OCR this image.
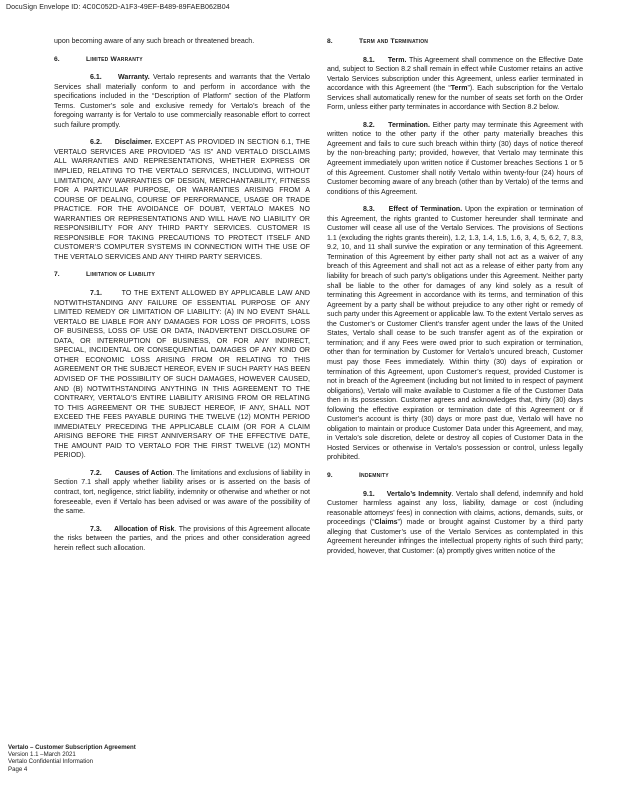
DocuSign Envelope ID: 4C0C052D-A1F3-49EF-B489-89FAEB062B04

upon becoming aware of any such breach or threatened breach.

6.	Limited Warranty

6.1. Warranty. Vertalo represents and warrants that the Vertalo Services shall materially conform to and perform in accordance with the specifications included in the “Description of Platform” section of the Platform Terms. Customer’s sole and exclusive remedy for Vertalo’s breach of the foregoing warranty is for Vertalo to use commercially reasonable effort to correct such failure promptly.

6.2. Disclaimer. EXCEPT AS PROVIDED IN SECTION 6.1, THE VERTALO SERVICES ARE PROVIDED “AS IS” AND VERTALO DISCLAIMS ALL WARRANTIES AND REPRESENTATIONS, WHETHER EXPRESS OR IMPLIED, RELATING TO THE VERTALO SERVICES, INCLUDING, WITHOUT LIMITATION, ANY WARRANTIES OF DESIGN, MERCHANTABILITY, FITNESS FOR A PARTICULAR PURPOSE, OR WARRANTIES ARISING FROM A COURSE OF DEALING, COURSE OF PERFORMANCE, USAGE OR TRADE PRACTICE. FOR THE AVOIDANCE OF DOUBT, VERTALO MAKES NO WARRANTIES OR REPRESENTATIONS AND WILL HAVE NO LIABILITY OR RESPONSIBILITY FOR ANY THIRD PARTY SERVICES. CUSTOMER IS RESPONSIBLE FOR TAKING PRECAUTIONS TO PROTECT ITSELF AND CUSTOMER’S COMPUTER SYSTEMS IN CONNECTION WITH THE USE OF THE VERTALO SERVICES AND ANY THIRD PARTY SERVICES.

7.	Limitation of Liability

7.1.	TO THE EXTENT ALLOWED BY APPLICABLE LAW AND NOTWITHSTANDING ANY FAILURE OF ESSENTIAL PURPOSE OF ANY LIMITED REMEDY OR LIMITATION OF LIABILITY: (A) IN NO EVENT SHALL VERTALO BE LIABLE FOR ANY DAMAGES FOR LOSS OF PROFITS, LOSS OF BUSINESS, LOSS OF USE OR DATA, INADVERTENT DISCLOSURE OF DATA, OR INTERRUPTION OF BUSINESS, OR FOR ANY INDIRECT, SPECIAL, INCIDENTAL OR CONSEQUENTIAL DAMAGES OF ANY KIND OR OTHER ECONOMIC LOSS ARISING FROM OR RELATING TO THIS AGREEMENT OR THE SUBJECT HEREOF, EVEN IF SUCH PARTY HAS BEEN ADVISED OF THE POSSIBILITY OF SUCH DAMAGES, HOWEVER CAUSED, AND (B) NOTWITHSTANDING ANYTHING IN THIS AGREEMENT TO THE CONTRARY, VERTALO’S ENTIRE LIABILITY ARISING FROM OR RELATING TO THIS AGREEMENT OR THE SUBJECT HEREOF, IF ANY, SHALL NOT EXCEED THE FEES PAYABLE DURING THE TWELVE (12) MONTH PERIOD IMMEDIATELY PRECEDING THE APPLICABLE CLAIM (OR FOR A CLAIM ARISING BEFORE THE FIRST ANNIVERSARY OF THE EFFECTIVE DATE, THE AMOUNT PAID TO VERTALO FOR THE FIRST TWELVE (12) MONTH PERIOD).

7.2. Causes of Action. The limitations and exclusions of liability in Section 7.1 shall apply whether liability arises or is asserted on the basis of contract, tort, negligence, strict liability, indemnity or otherwise and whether or not foreseeable, even if Vertalo has been advised or was aware of the possibility of the same.

7.3. Allocation of Risk. The provisions of this Agreement allocate the risks between the parties, and the prices and other consideration agreed herein reflect such allocation.

8.	Term and Termination

8.1. Term. This Agreement shall commence on the Effective Date and, subject to Section 8.2 shall remain in effect while Customer retains an active Vertalo Services subscription under this Agreement, unless earlier terminated in accordance with this Agreement (the “Term”). Each subscription for the Vertalo Services shall automatically renew for the number of seats set forth on the Order Form, unless either party terminates in accordance with Section 8.2 below.

8.2. Termination. Either party may terminate this Agreement with written notice to the other party if the other party materially breaches this Agreement and fails to cure such breach within thirty (30) days of notice thereof by the non-breaching party; provided, however, that Vertalo may terminate this Agreement immediately upon written notice if Customer breaches Sections 1 or 5 of this Agreement. Customer shall notify Vertalo within twenty-four (24) hours of Customer becoming aware of any breach (other than by Vertalo) of the terms and conditions of this Agreement.

8.3. Effect of Termination. Upon the expiration or termination of this Agreement, the rights granted to Customer hereunder shall terminate and Customer will cease all use of the Vertalo Services. The provisions of Sections 1.1 (excluding the rights grants therein), 1.2, 1.3, 1.4, 1.5, 1.6, 3, 4, 5, 6.2, 7, 8.3, 9.2, 10, and 11 shall survive the expiration or any termination of this Agreement. Termination of this Agreement by either party shall not act as a waiver of any breach of this Agreement and shall not act as a release of either party from any liability for breach of such party’s obligations under this Agreement. Neither party shall be liable to the other for damages of any kind solely as a result of terminating this Agreement in accordance with its terms, and termination of this Agreement by a party shall be without prejudice to any other right or remedy of such party under this Agreement or applicable law. To the extent Vertalo serves as the Customer’s or Customer Client’s transfer agent under the laws of the United States, Vertalo shall cease to be such transfer agent as of the expiration or termination; and if any Fees were owed prior to such expiration or termination, other than for termination by Customer for Vertalo’s uncured breach, Customer must pay those Fees immediately. Within thirty (30) days of expiration or termination of this Agreement, upon Customer’s request, provided Customer is not in breach of the Agreement (including but not limited to in respect of payment obligations), Vertalo will make available to Customer a file of the Customer Data then in its possession. Customer agrees and acknowledges that, thirty (30) days following the effective expiration or termination date of this Agreement or if Customer’s account is thirty (30) days or more past due, Vertalo will have no obligation to maintain or produce Customer Data under this Agreement, and may, in Vertalo’s sole discretion, delete or destroy all copies of Customer Data in the Hosted Services or otherwise in Vertalo’s possession or control, unless legally prohibited.

9.	Indemnity

9.1. Vertalo’s Indemnity. Vertalo shall defend, indemnify and hold Customer harmless against any loss, liability, damage or cost (including reasonable attorneys’ fees) in connection with claims, actions, demands, suits, or proceedings (“Claims”) made or brought against Customer by a third party alleging that Customer’s use of the Vertalo Services as contemplated in this Agreement hereunder infringes the intellectual property rights of such third party; provided, however, that Customer: (a) promptly gives written notice of the

Vertalo – Customer Subscription Agreement
Version 1.1 –March 2021
Vertalo Confidential Information
Page 4
